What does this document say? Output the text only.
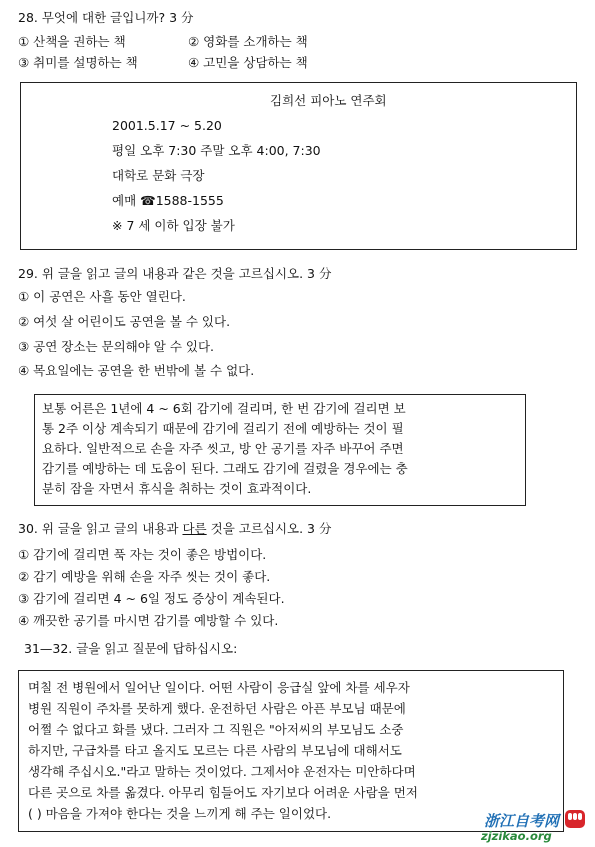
28. 무엇에 대한 글입니까? 3 分
① 산책을 권하는 책	② 영화를 소개하는 책
③ 취미를 설명하는 책	④ 고민을 상담하는 책
김희선 피아노 연주회
2001.5.17 ~ 5.20
평일 오후 7:30 주말 오후 4:00, 7:30
대학로 문화 극장
예매 ☎1588-1555
※ 7 세 이하 입장 불가
29. 위 글을 읽고 글의 내용과 같은 것을 고르십시오. 3 分
① 이 공연은 사흘 동안 열린다.
② 여섯 살 어린이도 공연을 볼 수 있다.
③ 공연 장소는 문의해야 알 수 있다.
④ 목요일에는 공연을 한 번밖에 볼 수 없다.
보통 어른은 1년에 4 ~ 6회 감기에 걸리며, 한 번 감기에 걸리면 보
통 2주 이상 계속되기 때문에 감기에 걸리기 전에 예방하는 것이 필
요하다. 일반적으로 손을 자주 씻고, 방 안 공기를 자주 바꾸어 주면
감기를 예방하는 데 도움이 된다. 그래도 감기에 걸렸을 경우에는 충
분히 잠을 자면서 휴식을 취하는 것이 효과적이다.
30. 위 글을 읽고 글의 내용과 다른 것을 고르십시오. 3 分
① 감기에 걸리면 푹 자는 것이 좋은 방법이다.
② 감기 예방을 위해 손을 자주 씻는 것이 좋다.
③ 감기에 걸리면 4 ~ 6일 정도 증상이 계속된다.
④ 깨끗한 공기를 마시면 감기를 예방할 수 있다.
31—32. 글을 읽고 질문에 답하십시오:
며칠 전 병원에서 일어난 일이다. 어떤 사람이 응급실 앞에 차를 세우자
병원 직원이 주차를 못하게 했다. 운전하던 사람은 아픈 부모님 때문에
어쩔 수 없다고 화를 냈다. 그러자 그 직원은 "아저씨의 부모님도 소중
하지만, 구급차를 타고 올지도 모르는 다른 사람의 부모님에 대해서도
생각해 주십시오."라고 말하는 것이었다. 그제서야 운전자는 미안하다며
다른 곳으로 차를 옮겼다. 아무리 힘들어도 자기보다 어려운 사람을 먼저
( ) 마음을 가져야 한다는 것을 느끼게 해 주는 일이었다.	浙江自考网
zjzikao.org
